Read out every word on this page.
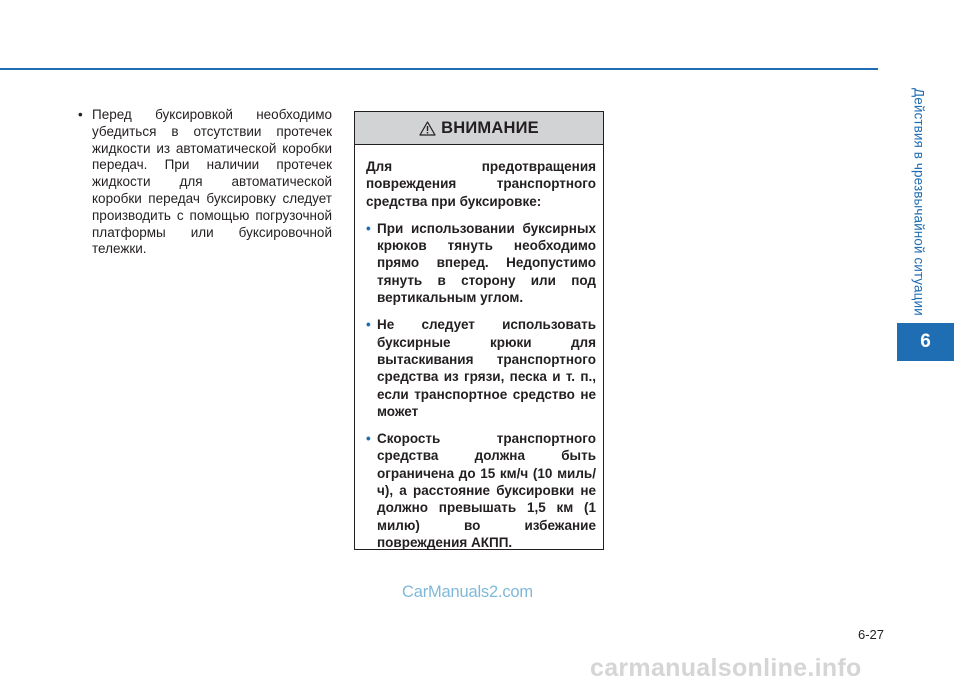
Действия в чрезвычайной ситуации
6
• Перед буксировкой необходимо убедиться в отсутствии протечек жидкости из автоматической коробки передач. При наличии протечек жидкости для автоматической коробки передач буксировку следует производить с помощью погрузочной платформы или буксировочной тележки.
ВНИМАНИЕ

Для предотвращения повреждения транспортного средства при буксировке:

• При использовании буксирных крюков тянуть необходимо прямо вперед. Недопустимо тянуть в сторону или под вертикальным углом.
• Не следует использовать буксирные крюки для вытаскивания транспортного средства из грязи, песка и т. п., если транспортное средство не может
• Скорость транспортного средства должна быть ограничена до 15 км/ч (10 миль/ч), а расстояние буксировки не должно превышать 1,5 км (1 милю) во избежание повреждения АКПП.
CarManuals2.com
6-27
carmanualsonline.info
